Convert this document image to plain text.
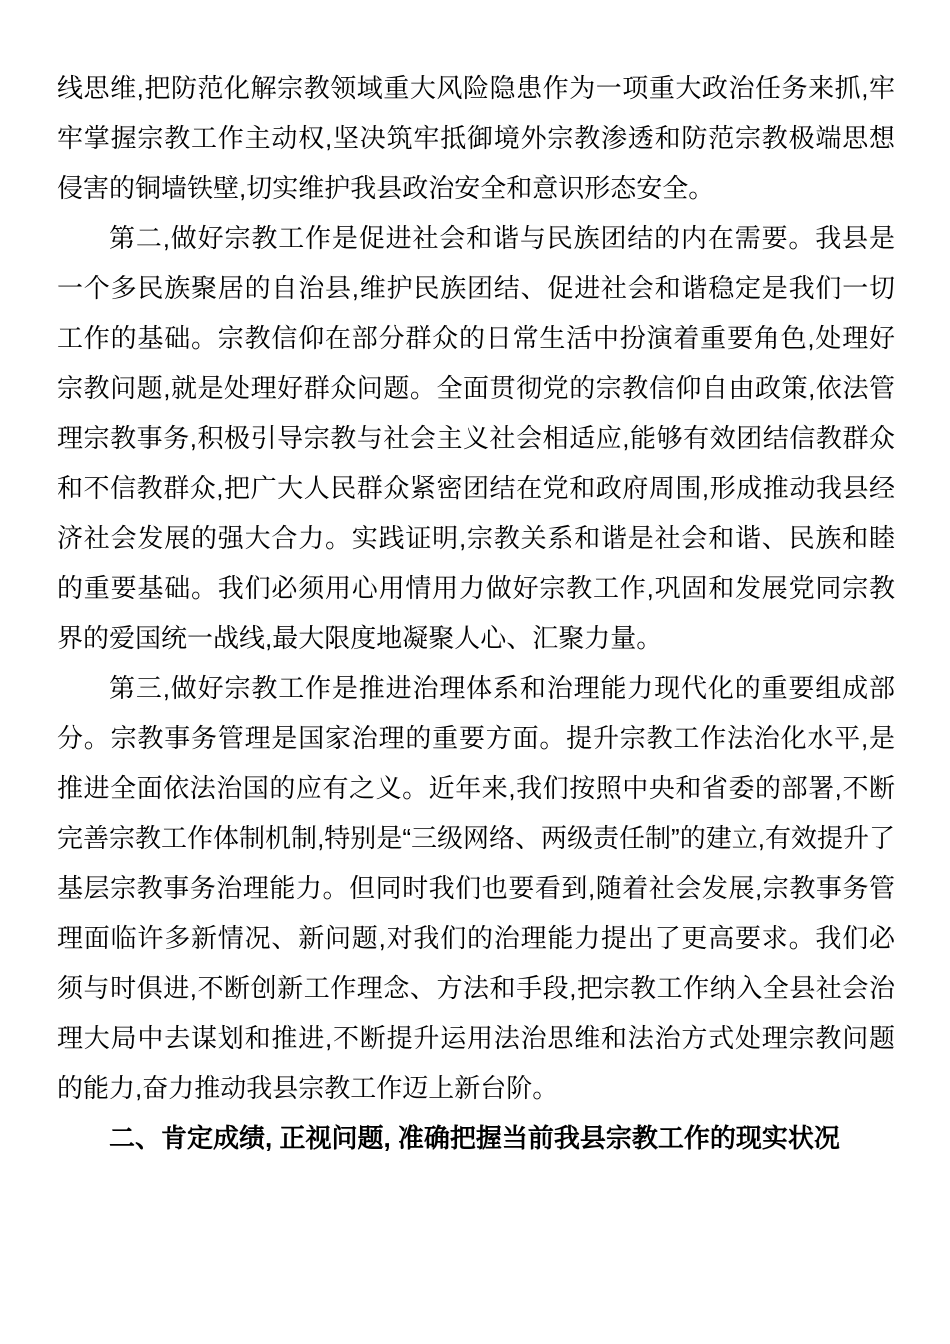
线思维,把防范化解宗教领域重大风险隐患作为一项重大政治任务来抓,牢牢掌握宗教工作主动权,坚决筑牢抵御境外宗教渗透和防范宗教极端思想侵害的铜墙铁壁,切实维护我县政治安全和意识形态安全。

第二,做好宗教工作是促进社会和谐与民族团结的内在需要。我县是一个多民族聚居的自治县,维护民族团结、促进社会和谐稳定是我们一切工作的基础。宗教信仰在部分群众的日常生活中扮演着重要角色,处理好宗教问题,就是处理好群众问题。全面贯彻党的宗教信仰自由政策,依法管理宗教事务,积极引导宗教与社会主义社会相适应,能够有效团结信教群众和不信教群众,把广大人民群众紧密团结在党和政府周围,形成推动我县经济社会发展的强大合力。实践证明,宗教关系和谐是社会和谐、民族和睦的重要基础。我们必须用心用情用力做好宗教工作,巩固和发展党同宗教界的爱国统一战线,最大限度地凝聚人心、汇聚力量。

第三,做好宗教工作是推进治理体系和治理能力现代化的重要组成部分。宗教事务管理是国家治理的重要方面。提升宗教工作法治化水平,是推进全面依法治国的应有之义。近年来,我们按照中央和省委的部署,不断完善宗教工作体制机制,特别是“三级网络、两级责任制”的建立,有效提升了基层宗教事务治理能力。但同时我们也要看到,随着社会发展,宗教事务管理面临许多新情况、新问题,对我们的治理能力提出了更高要求。我们必须与时俱进,不断创新工作理念、方法和手段,把宗教工作纳入全县社会治理大局中去谋划和推进,不断提升运用法治思维和法治方式处理宗教问题的能力,奋力推动我县宗教工作迈上新台阶。

二、肯定成绩, 正视问题, 准确把握当前我县宗教工作的现实状况
